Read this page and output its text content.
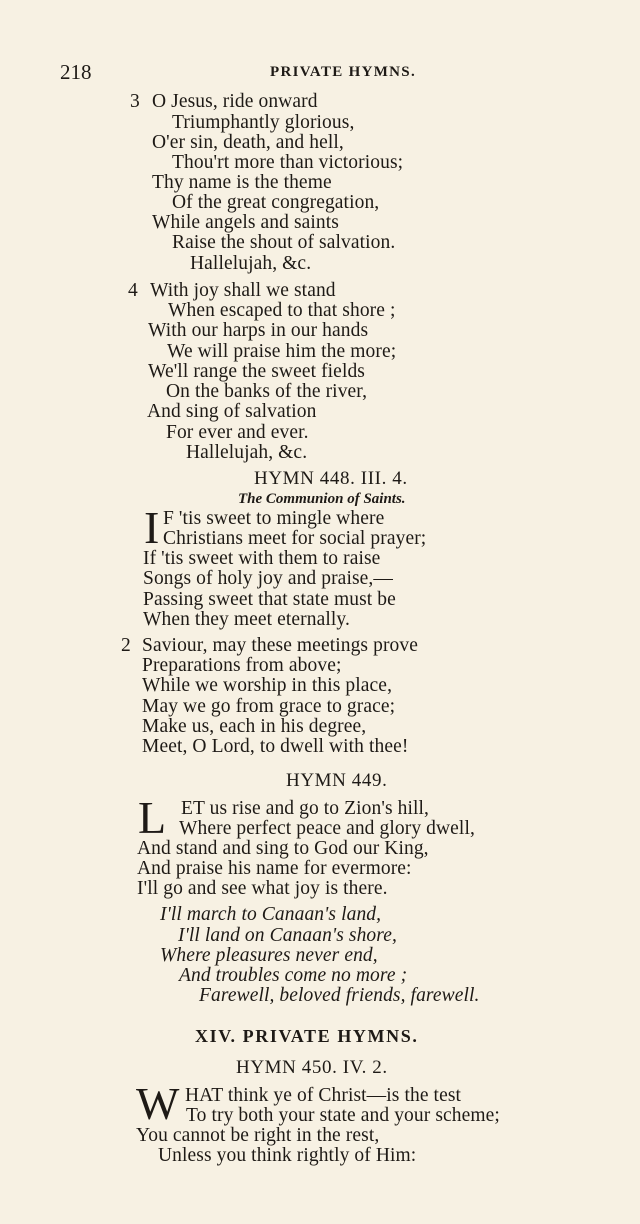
218	PRIVATE HYMNS.
3 O Jesus, ride onward
Triumphantly glorious,
O'er sin, death, and hell,
Thou'rt more than victorious;
Thy name is the theme
Of the great congregation,
While angels and saints
Raise the shout of salvation.
Hallelujah, &c.
4 With joy shall we stand
When escaped to that shore ;
With our harps in our hands
We will praise him the more;
We'll range the sweet fields
On the banks of the river,
And sing of salvation
For ever and ever.
Hallelujah, &c.
HYMN 448. III. 4.
The Communion of Saints.
I F 'tis sweet to mingle where
Christians meet for social prayer;
If 'tis sweet with them to raise
Songs of holy joy and praise,—
Passing sweet that state must be
When they meet eternally.
2 Saviour, may these meetings prove
Preparations from above;
While we worship in this place,
May we go from grace to grace;
Make us, each in his degree,
Meet, O Lord, to dwell with thee!
HYMN 449.
L ET us rise and go to Zion's hill,
Where perfect peace and glory dwell,
And stand and sing to God our King,
And praise his name for evermore:
I'll go and see what joy is there.
I'll march to Canaan's land,
I'll land on Canaan's shore,
Where pleasures never end,
And troubles come no more ;
Farewell, beloved friends, farewell.
XIV. PRIVATE HYMNS.
HYMN 450. IV. 2.
W HAT think ye of Christ—is the test
To try both your state and your scheme;
You cannot be right in the rest,
Unless you think rightly of Him:
